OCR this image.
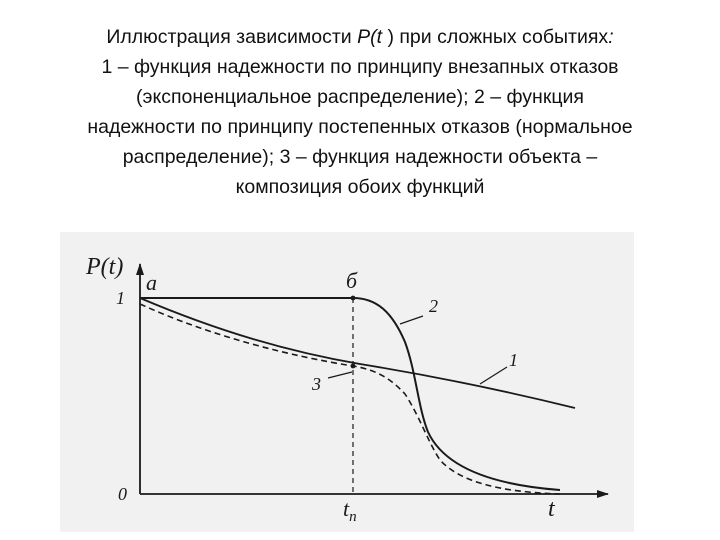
Иллюстрация зависимости P(t ) при сложных событиях:
1 – функция надежности по принципу внезапных отказов
(экспоненциальное распределение); 2 – функция
надежности по принципу постепенных отказов (нормальное
распределение); 3 – функция надежности объекта –
композиция обоих функций
P(t)
1
a	б
2
1
3
0
$t_n$	t
